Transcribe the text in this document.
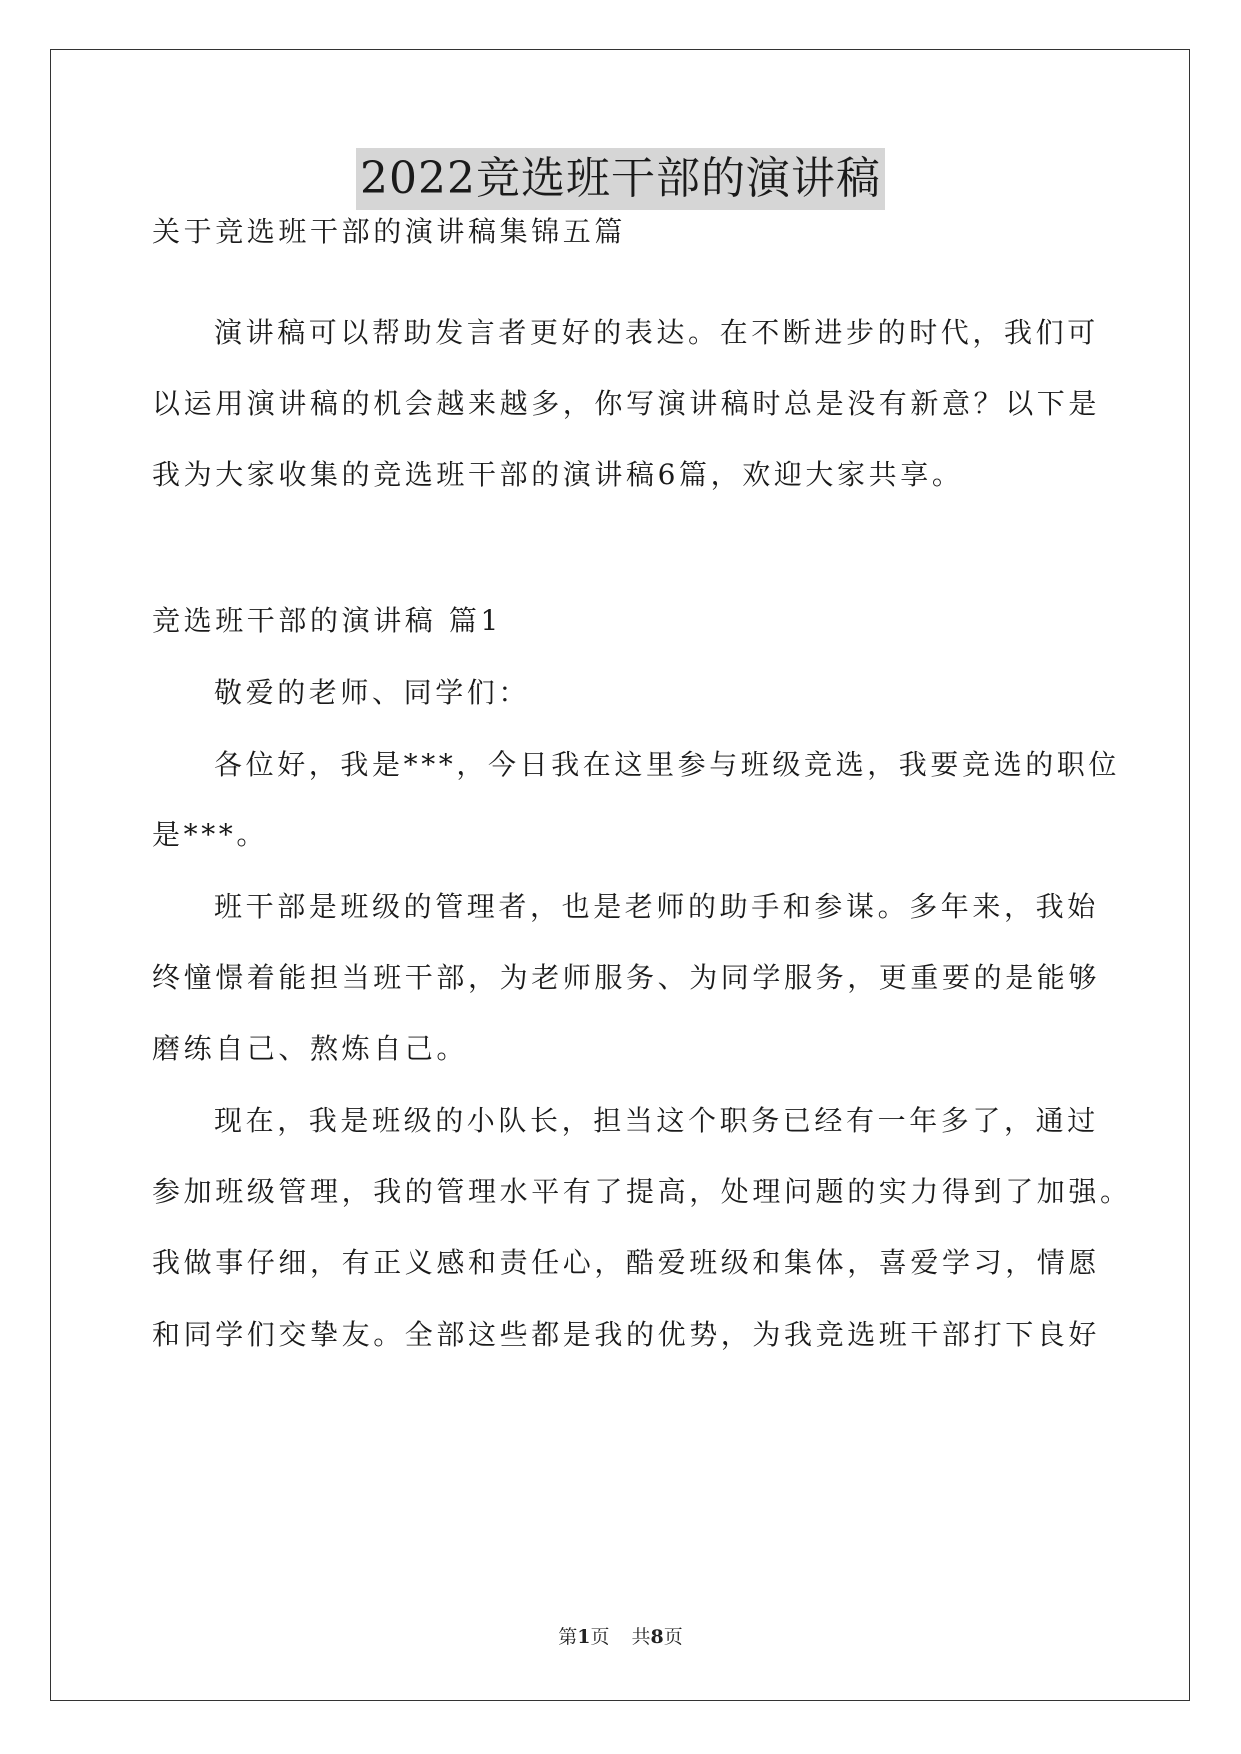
2022竞选班干部的演讲稿
关于竞选班干部的演讲稿集锦五篇
演讲稿可以帮助发言者更好的表达。在不断进步的时代，我们可
以运用演讲稿的机会越来越多，你写演讲稿时总是没有新意？以下是
我为大家收集的竞选班干部的演讲稿6篇，欢迎大家共享。
竞选班干部的演讲稿 篇1
敬爱的老师、同学们：
各位好，我是***，今日我在这里参与班级竞选，我要竞选的职位
是***。
班干部是班级的管理者，也是老师的助手和参谋。多年来，我始
终憧憬着能担当班干部，为老师服务、为同学服务，更重要的是能够
磨练自己、熬炼自己。
现在，我是班级的小队长，担当这个职务已经有一年多了，通过
参加班级管理，我的管理水平有了提高，处理问题的实力得到了加强。
我做事仔细，有正义感和责任心，酷爱班级和集体，喜爱学习，情愿
和同学们交挚友。全部这些都是我的优势，为我竞选班干部打下良好
第1页 共8页
